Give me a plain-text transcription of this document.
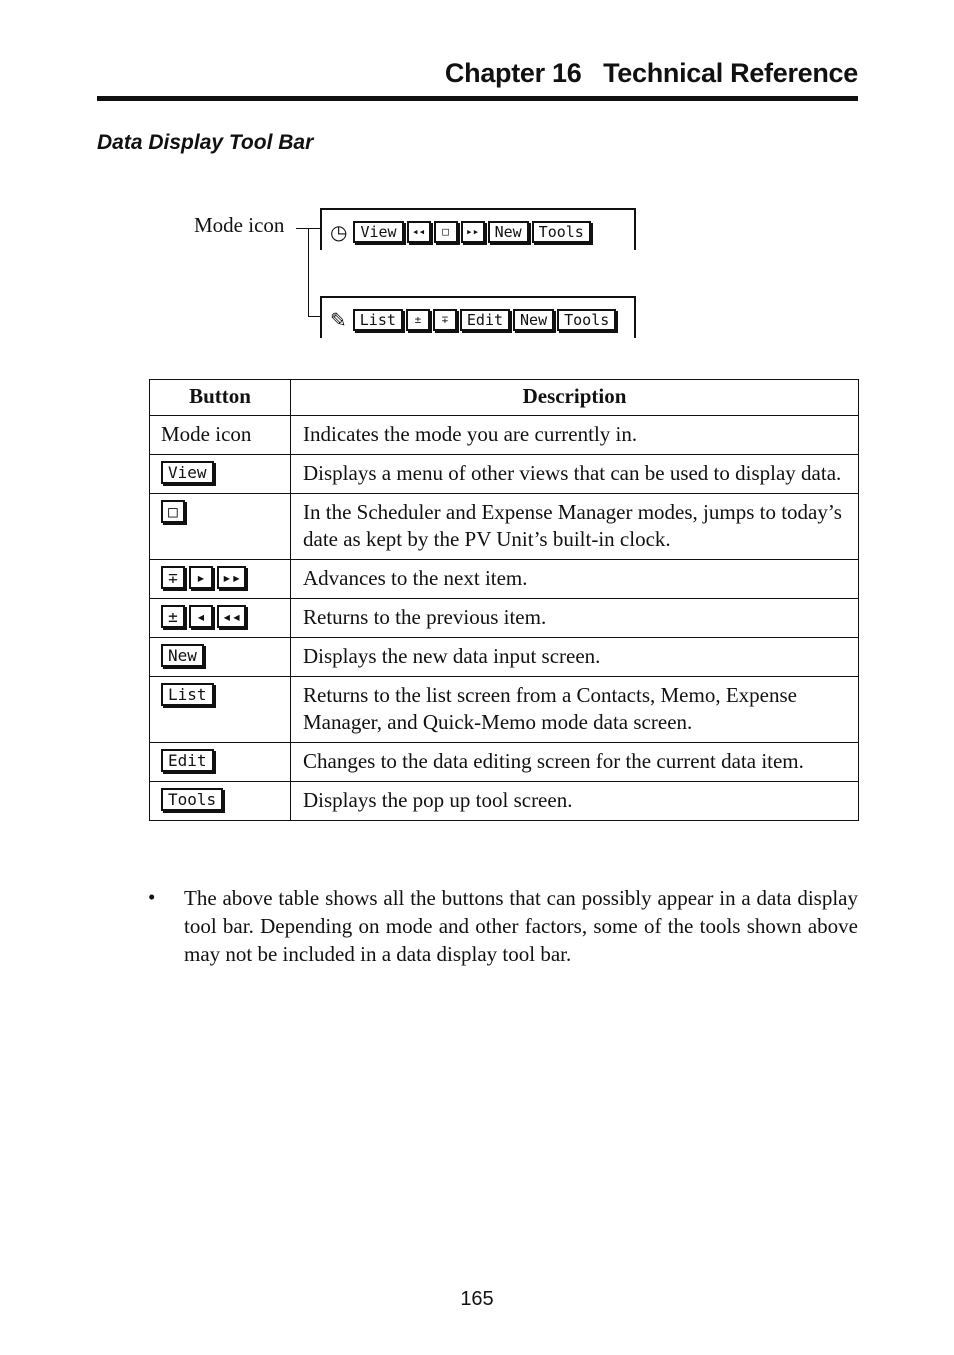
Chapter 16   Technical Reference
Data Display Tool Bar
Mode icon ◷ View	◂◂	□	▸▸	New	Tools
✎ List	±	∓	Edit	New	Tools
Button	Description
Mode icon	Indicates the mode you are currently in.

View	Displays a menu of other views that can be used to display data.

□	In the Scheduler and Expense Manager modes, jumps to today’s date as kept by the PV Unit’s built-in clock.

∓ ▸ ▸▸	Advances to the next item.

± ◂ ◂◂	Returns to the previous item.

New	Displays the new data input screen.

List	Returns to the list screen from a Contacts, Memo, Expense Manager, and Quick-Memo mode data screen.

Edit	Changes to the data editing screen for the current data item.

Tools	Displays the pop up tool screen.
• The above table shows all the buttons that can possibly appear in a data display tool bar. Depending on mode and other factors, some of the tools shown above may not be included in a data display tool bar.
165
